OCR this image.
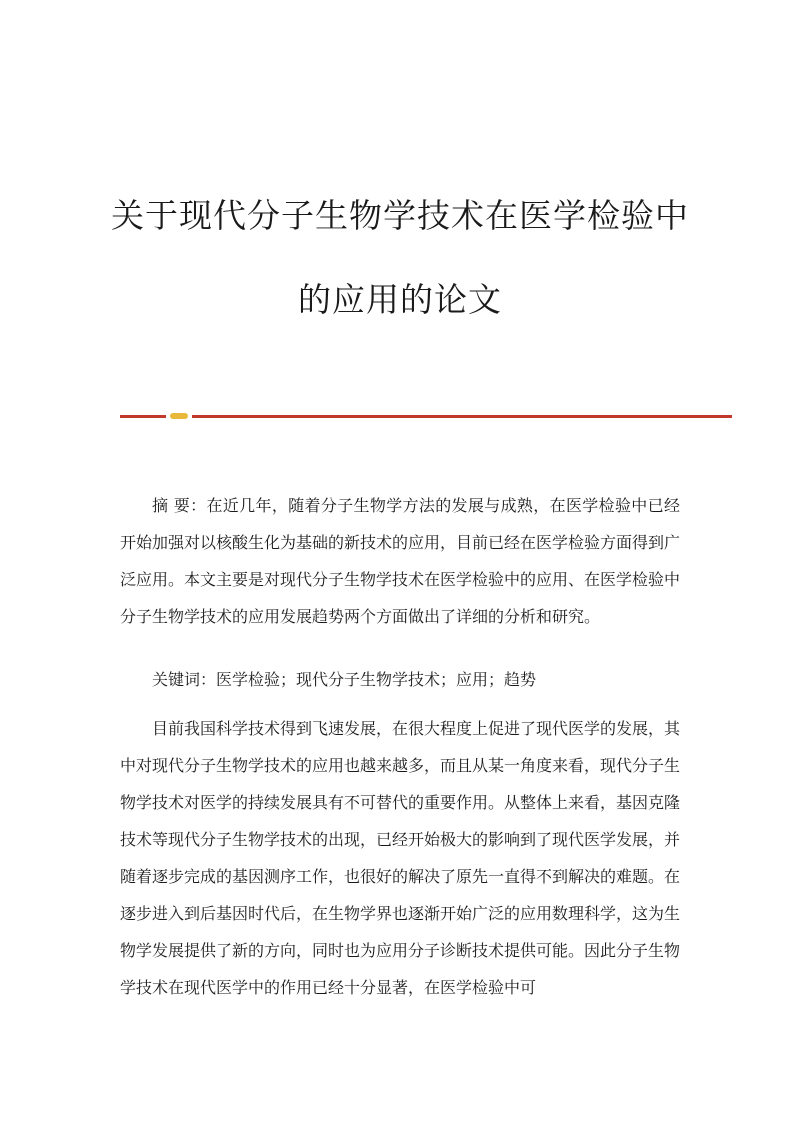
关于现代分子生物学技术在医学检验中
的应用的论文

摘 要：在近几年，随着分子生物学方法的发展与成熟，在医学检验中已经开始加强对以核酸生化为基础的新技术的应用，目前已经在医学检验方面得到广泛应用。本文主要是对现代分子生物学技术在医学检验中的应用、在医学检验中分子生物学技术的应用发展趋势两个方面做出了详细的分析和研究。

关键词：医学检验；现代分子生物学技术；应用；趋势

目前我国科学技术得到飞速发展，在很大程度上促进了现代医学的发展，其中对现代分子生物学技术的应用也越来越多，而且从某一角度来看，现代分子生物学技术对医学的持续发展具有不可替代的重要作用。从整体上来看，基因克隆技术等现代分子生物学技术的出现，已经开始极大的影响到了现代医学发展，并随着逐步完成的基因测序工作，也很好的解决了原先一直得不到解决的难题。在逐步进入到后基因时代后，在生物学界也逐渐开始广泛的应用数理科学，这为生物学发展提供了新的方向，同时也为应用分子诊断技术提供可能。因此分子生物学技术在现代医学中的作用已经十分显著，在医学检验中可
